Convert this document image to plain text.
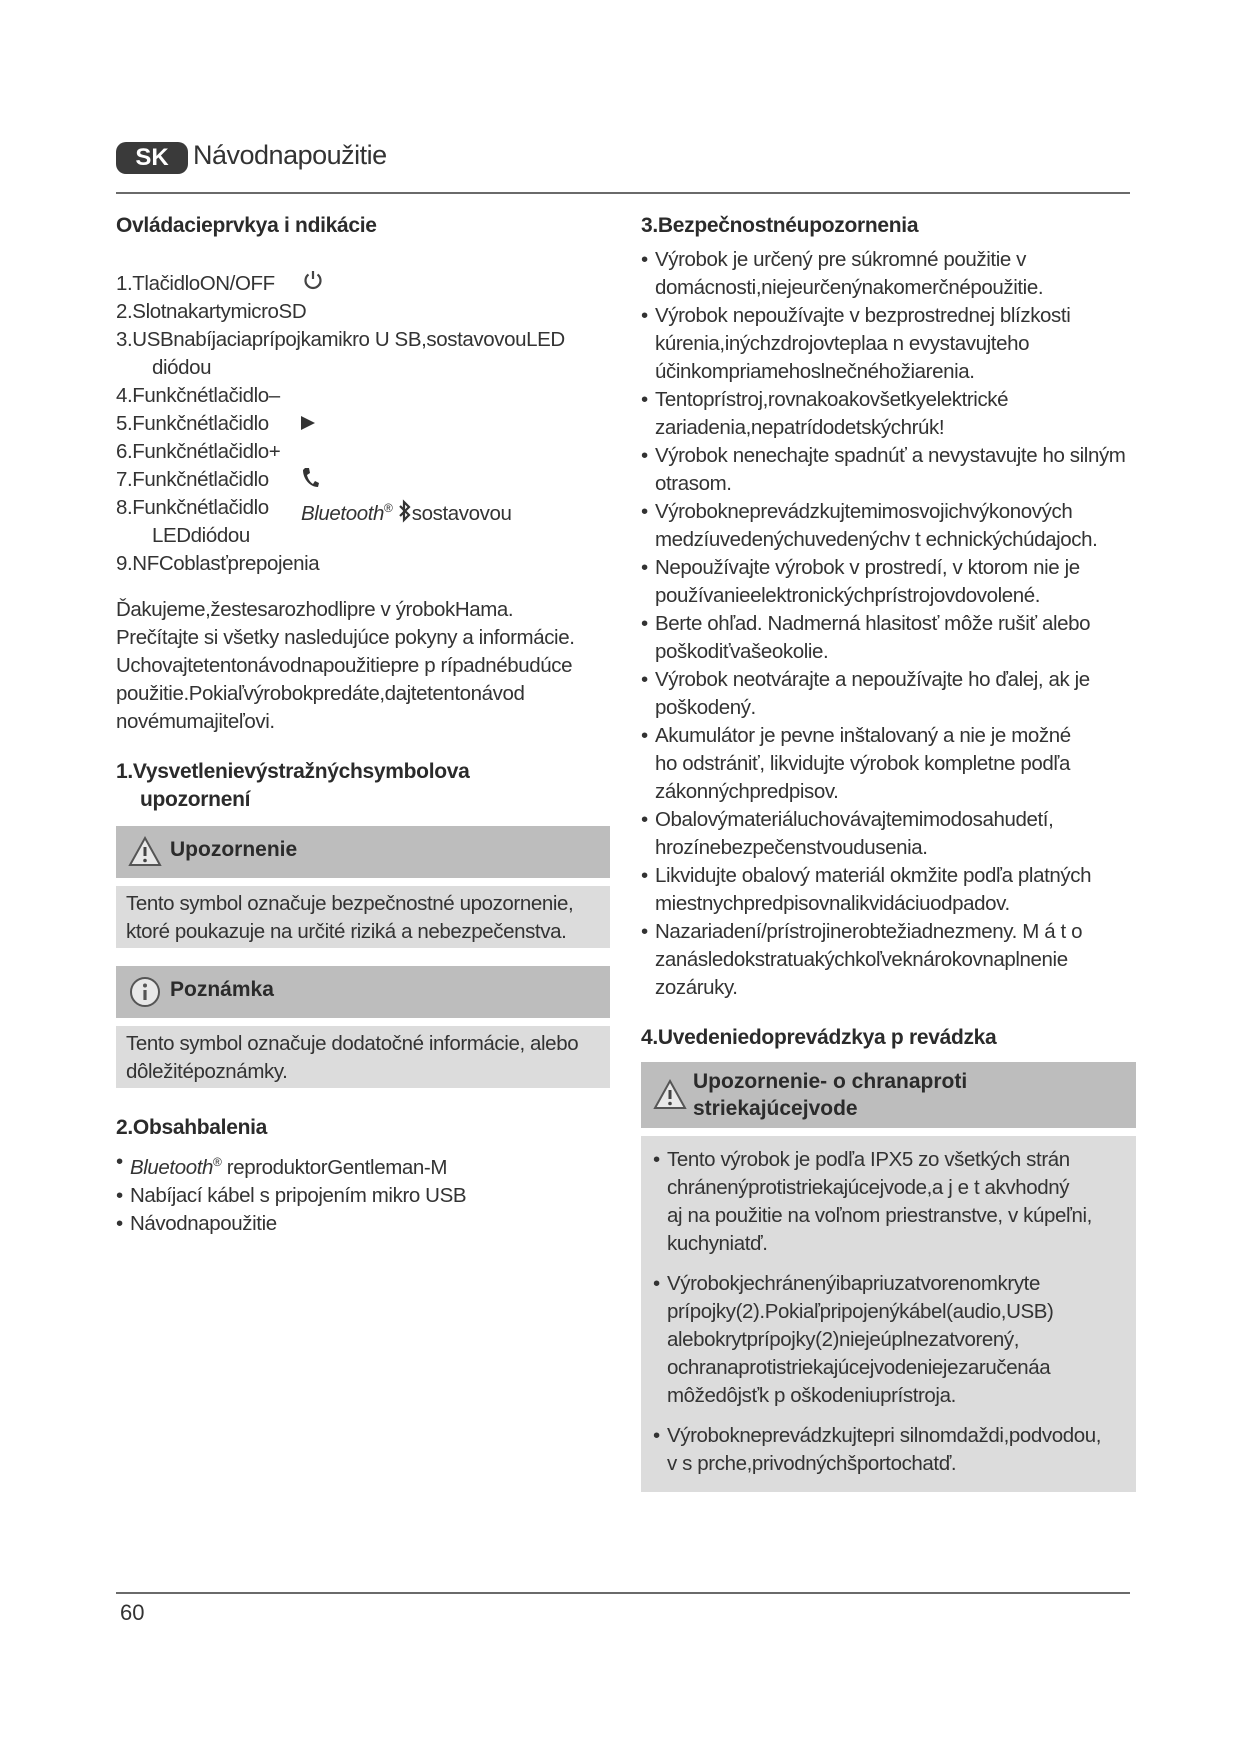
SK Návodnapoužitie
Ovládacieprvkya i ndikácie
1.TlačidloON/OFF
2.SlotnakartymicroSD
3.USBnabíjaciaprípojkamikro U SB,sostavovouLED
diódou
4.Funkčnétlačidlo–
5.Funkčnétlačidlo
6.Funkčnétlačidlo+
7.Funkčnétlačidlo
8.Funkčnétlačidlo Bluetooth® sostavovou
LEDdiódou
9.NFCoblasťprepojenia
Ďakujeme,žestesarozhodlipre v ýrobokHama.
Prečítajte si všetky nasledujúce pokyny a informácie.
Uchovajtetentonávodnapoužitiepre p rípadnébudúce
použitie.Pokiaľvýrobokpredáte,dajtetentonávod
novémumajiteľovi.
1.Vysvetlenievýstražnýchsymbolova
upozornení
Upozornenie
Tento symbol označuje bezpečnostné upozornenie,
ktoré poukazuje na určité riziká a nebezpečenstva.
Poznámka
Tento symbol označuje dodatočné informácie, alebo
dôležitépoznámky.
2.Obsahbalenia
• Bluetooth® reproduktorGentleman-M
• Nabíjací kábel s pripojením mikro USB
• Návodnapoužitie
3.Bezpečnostnéupozornenia
• Výrobok je určený pre súkromné použitie v
domácnosti,niejeurčenýnakomerčnépoužitie.
• Výrobok nepoužívajte v bezprostrednej blízkosti
kúrenia,inýchzdrojovteplaa n evystavujteho
účinkompriamehoslnečnéhožiarenia.
• Tentoprístroj,rovnakoakovšetkyelektrické
zariadenia,nepatrídodetskýchrúk!
• Výrobok nenechajte spadnúť a nevystavujte ho silným
otrasom.
• Výrobokneprevádzkujtemimosvojichvýkonových
medzíuvedenýchuvedenýchv t echnickýchúdajoch.
• Nepoužívajte výrobok v prostredí, v ktorom nie je
používanieelektronickýchprístrojovdovolené.
• Berte ohľad. Nadmerná hlasitosť môže rušiť alebo
poškodiťvašeokolie.
• Výrobok neotvárajte a nepoužívajte ho ďalej, ak je
poškodený.
• Akumulátor je pevne inštalovaný a nie je možné
ho odstrániť, likvidujte výrobok kompletne podľa
zákonnýchpredpisov.
• Obalovýmateriáluchovávajtemimodosahudetí,
hrozínebezpečenstvoudusenia.
• Likvidujte obalový materiál okmžite podľa platných
miestnychpredpisovnalikvidáciuodpadov.
• Nazariadení/prístrojinerobtežiadnezmeny. M á t o
zanásledokstratuakýchkoľveknárokovnaplnenie
zozáruky.
4.Uvedeniedoprevádzkya p revádzka
Upozornenie- o chranaproti
striekajúcejvode
• Tento výrobok je podľa IPX5 zo všetkých strán
chránenýprotistriekajúcejvode,a j e t akvhodný
aj na použitie na voľnom priestranstve, v kúpeľni,
kuchyniatď.
• Výrobokjechránenýibapriuzatvorenomkryte
prípojky(2).Pokiaľpripojenýkábel(audio,USB)
alebokrytprípojky(2)niejeúplnezatvorený,
ochranaprotistriekajúcejvodeniejezaručenáa
môžedôjsťk p oškodeniuprístroja.
• Výrobokneprevádzkujtepri silnomdaždi,podvodou,
v s prche,privodnýchšportochatď.
60
